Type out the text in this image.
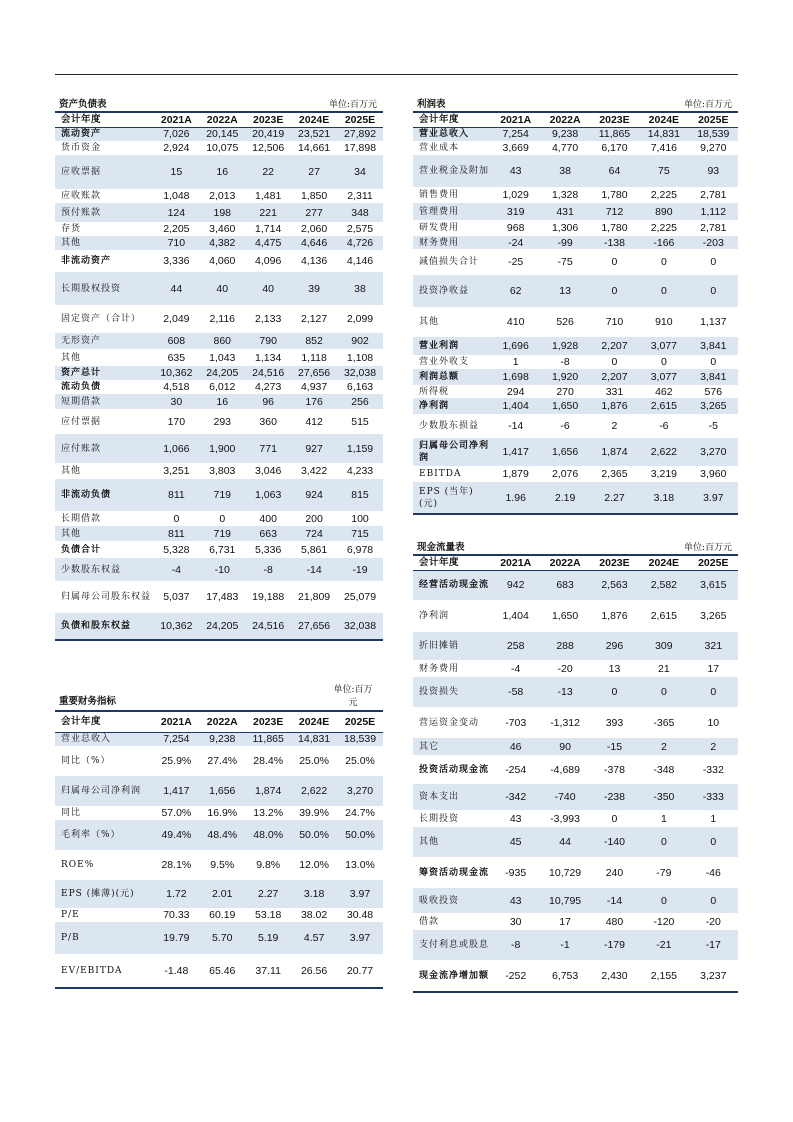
资产负债表	单位:百万元
会计年度	2021A	2022A	2023E	2024E	2025E
流动资产	7,026	20,145	20,419	23,521	27,892
货币资金	2,924	10,075	12,506	14,661	17,898
应收票据	15	16	22	27	34
应收账款	1,048	2,013	1,481	1,850	2,311
预付账款	124	198	221	277	348
存货	2,205	3,460	1,714	2,060	2,575
其他	710	4,382	4,475	4,646	4,726
非流动资产	3,336	4,060	4,096	4,136	4,146
长期股权投资	44	40	40	39	38
固定资产（合计）	2,049	2,116	2,133	2,127	2,099
无形资产	608	860	790	852	902
其他	635	1,043	1,134	1,118	1,108
资产总计	10,362	24,205	24,516	27,656	32,038
流动负债	4,518	6,012	4,273	4,937	6,163
短期借款	30	16	96	176	256
应付票据	170	293	360	412	515
应付账款	1,066	1,900	771	927	1,159
其他	3,251	3,803	3,046	3,422	4,233
非流动负债	811	719	1,063	924	815
长期借款	0	0	400	200	100
其他	811	719	663	724	715
负债合计	5,328	6,731	5,336	5,861	6,978
少数股东权益	-4	-10	-8	-14	-19
归属母公司股东权益	5,037	17,483	19,188	21,809	25,079
负债和股东权益	10,362	24,205	24,516	27,656	32,038
利润表	单位:百万元
会计年度	2021A	2022A	2023E	2024E	2025E
营业总收入	7,254	9,238	11,865	14,831	18,539
营业成本	3,669	4,770	6,170	7,416	9,270
营业税金及附加	43	38	64	75	93
销售费用	1,029	1,328	1,780	2,225	2,781
管理费用	319	431	712	890	1,112
研发费用	968	1,306	1,780	2,225	2,781
财务费用	-24	-99	-138	-166	-203
减值损失合计	-25	-75	0	0	0
投资净收益	62	13	0	0	0
其他	410	526	710	910	1,137
营业利润	1,696	1,928	2,207	3,077	3,841
营业外收支	1	-8	0	0	0
利润总额	1,698	1,920	2,207	3,077	3,841
所得税	294	270	331	462	576
净利润	1,404	1,650	1,876	2,615	3,265
少数股东损益	-14	-6	2	-6	-5
归属母公司净利润	1,417	1,656	1,874	2,622	3,270
EBITDA	1,879	2,076	2,365	3,219	3,960
EPS (当年)(元)	1.96	2.19	2.27	3.18	3.97
现金流量表	单位:百万元
会计年度	2021A	2022A	2023E	2024E	2025E
经营活动现金流	942	683	2,563	2,582	3,615
净利润	1,404	1,650	1,876	2,615	3,265
折旧摊销	258	288	296	309	321
财务费用	-4	-20	13	21	17
投资损失	-58	-13	0	0	0
营运资金变动	-703	-1,312	393	-365	10
其它	46	90	-15	2	2
投资活动现金流	-254	-4,689	-378	-348	-332
资本支出	-342	-740	-238	-350	-333
长期投资	43	-3,993	0	1	1
其他	45	44	-140	0	0
筹资活动现金流	-935	10,729	240	-79	-46
吸收投资	43	10,795	-14	0	0
借款	30	17	480	-120	-20
支付利息或股息	-8	-1	-179	-21	-17
现金流净增加额	-252	6,753	2,430	2,155	3,237
重要财务指标
单位:百万元
会计年度	2021A	2022A	2023E	2024E	2025E
营业总收入	7,254	9,238	11,865	14,831	18,539
同比（%）	25.9%	27.4%	28.4%	25.0%	25.0%
归属母公司净利润	1,417	1,656	1,874	2,622	3,270
同比	57.0%	16.9%	13.2%	39.9%	24.7%
毛利率（%）	49.4%	48.4%	48.0%	50.0%	50.0%
ROE%	28.1%	9.5%	9.8%	12.0%	13.0%
EPS (摊薄)(元)	1.72	2.01	2.27	3.18	3.97
P/E	70.33	60.19	53.18	38.02	30.48
P/B	19.79	5.70	5.19	4.57	3.97
EV/EBITDA	-1.48	65.46	37.11	26.56	20.77
